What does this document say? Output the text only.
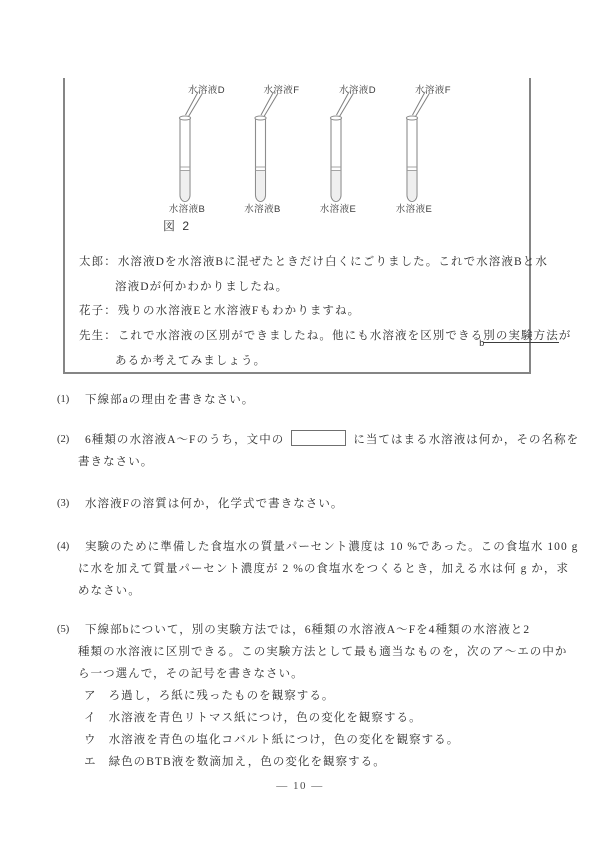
水溶液D
水溶液B
水溶液F
水溶液B
水溶液D
水溶液E
水溶液F
水溶液E
図 2
太郎：水溶液Dを水溶液Bに混ぜたときだけ白くにごりました。これで水溶液Bと水
溶液Dが何かわかりましたね。
花子：残りの水溶液Eと水溶液Fもわかりますね。
先生：これで水溶液の区別ができましたね。他にも水溶液を区別できる別の実験方法
b
が
あるか考えてみましょう。
(1)	下線部aの理由を書きなさい。
(2)	6種類の水溶液A～Fのうち，文中の	に当てはまる水溶液は何か，その名称を
書きなさい。
(3)	水溶液Fの溶質は何か，化学式で書きなさい。
(4)	実験のために準備した食塩水の質量パーセント濃度は 10 %であった。この食塩水 100 g
に水を加えて質量パーセント濃度が 2 %の食塩水をつくるとき，加える水は何 g か，求
めなさい。
(5)	下線部bについて，別の実験方法では，6種類の水溶液A～Fを4種類の水溶液と2
種類の水溶液に区別できる。この実験方法として最も適当なものを，次のア～エの中か
ら一つ選んで，その記号を書きなさい。
ア ろ過し，ろ紙に残ったものを観察する。
イ 水溶液を青色リトマス紙につけ，色の変化を観察する。
ウ 水溶液を青色の塩化コバルト紙につけ，色の変化を観察する。
エ 緑色のBTB液を数滴加え，色の変化を観察する。
— 10 —
